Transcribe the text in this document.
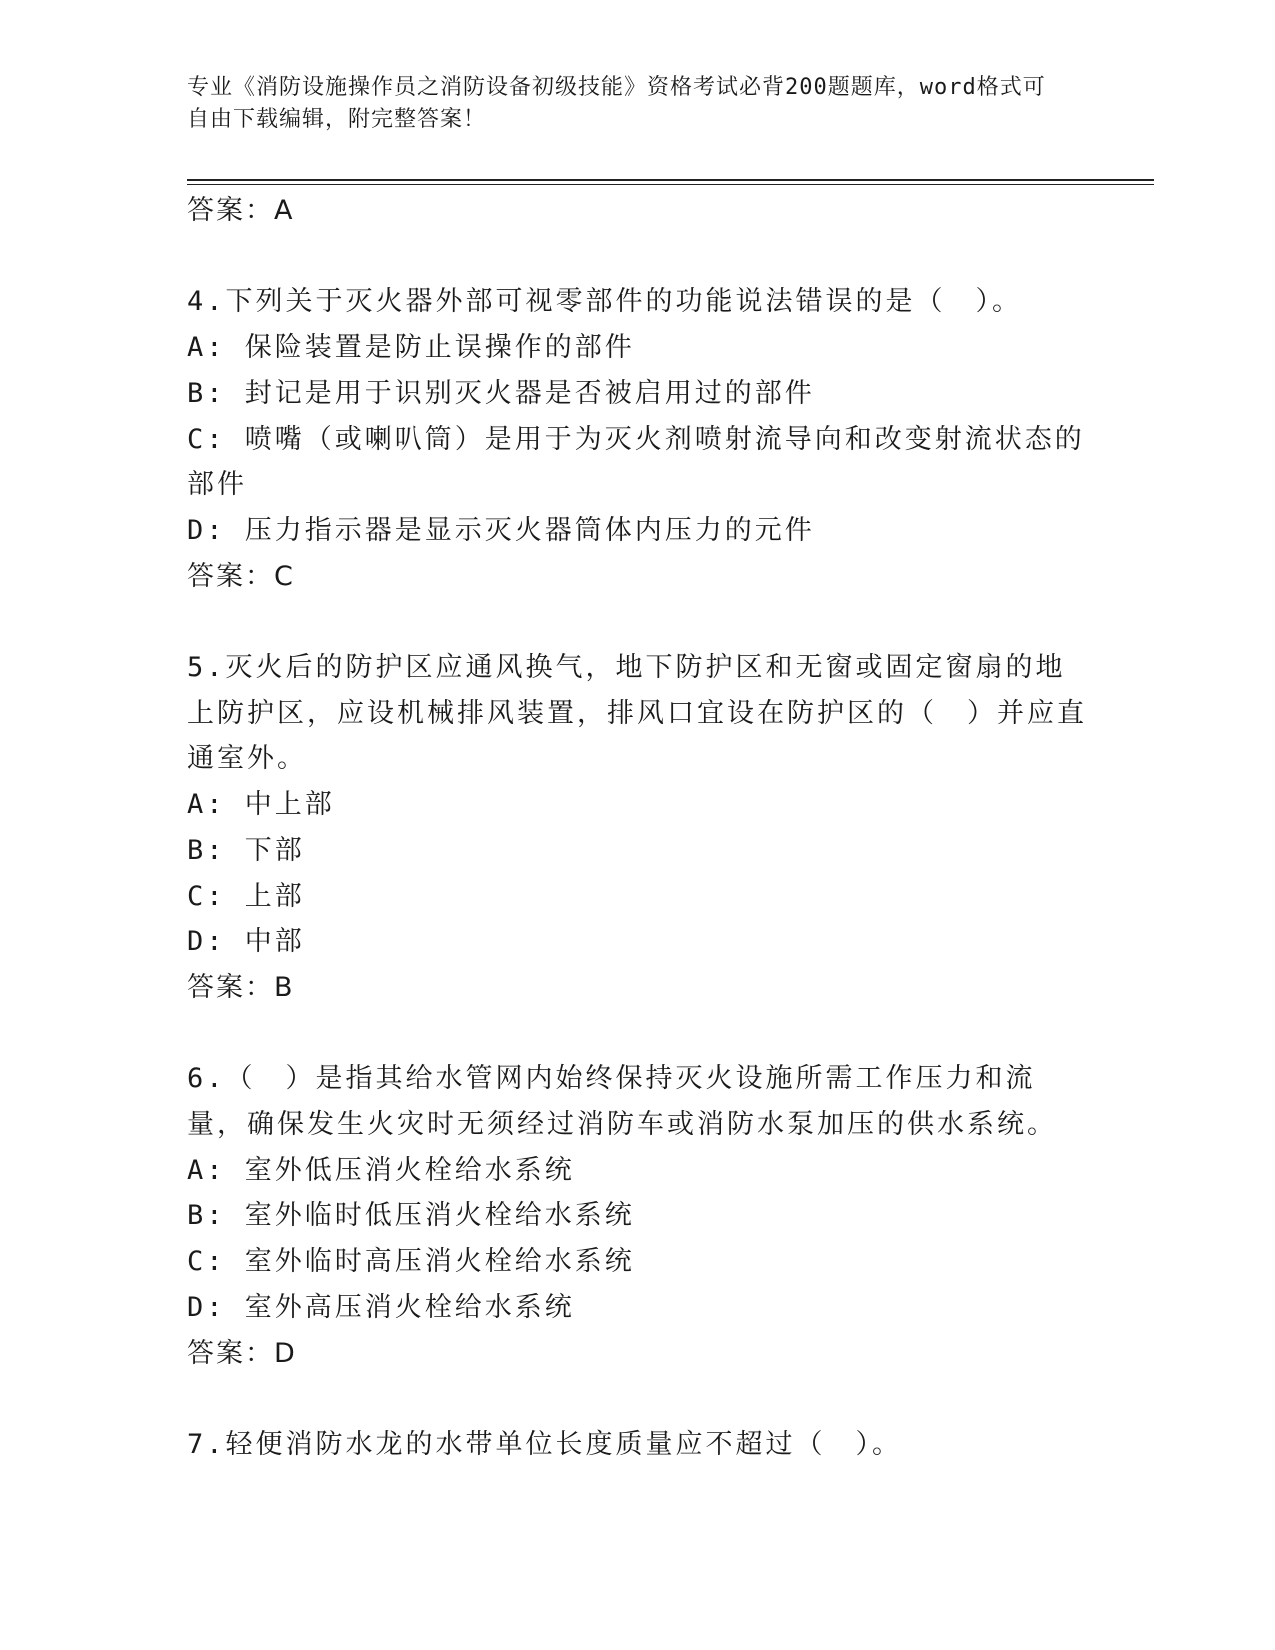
专业《消防设施操作员之消防设备初级技能》资格考试必背200题题库，word格式可自由下载编辑，附完整答案！

答案：A

4.下列关于灭火器外部可视零部件的功能说法错误的是（　）。

A: 保险装置是防止误操作的部件

B: 封记是用于识别灭火器是否被启用过的部件

C: 喷嘴（或喇叭筒）是用于为灭火剂喷射流导向和改变射流状态的部件

D: 压力指示器是显示灭火器筒体内压力的元件

答案：C

5.灭火后的防护区应通风换气，地下防护区和无窗或固定窗扇的地上防护区，应设机械排风装置，排风口宜设在防护区的（　）并应直通室外。

A: 中上部

B: 下部

C: 上部

D: 中部

答案：B

6.（　）是指其给水管网内始终保持灭火设施所需工作压力和流量，确保发生火灾时无须经过消防车或消防水泵加压的供水系统。

A: 室外低压消火栓给水系统

B: 室外临时低压消火栓给水系统

C: 室外临时高压消火栓给水系统

D: 室外高压消火栓给水系统

答案：D

7.轻便消防水龙的水带单位长度质量应不超过（　）。
